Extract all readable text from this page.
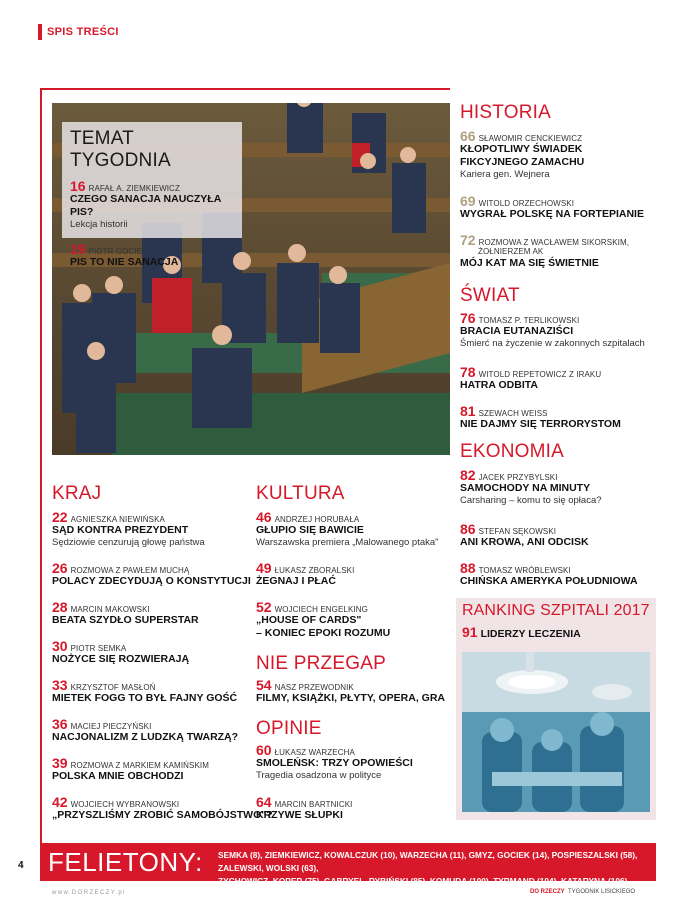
SPIS TREŚCI
TEMAT TYGODNIA
16 RAFAŁ A. ZIEMKIEWICZ
CZEGO SANACJA NAUCZYŁA PIS?
Lekcja historii
19 PIOTR GOCIEK
PIS TO NIE SANACJA
KRAJ
22 AGNIESZKA NIEWIŃSKA
SĄD KONTRA PREZYDENT
Sędziowie cenzurują głowę państwa
26 ROZMOWA Z PAWŁEM MUCHĄ
POLACY ZDECYDUJĄ O KONSTYTUCJI
28 MARCIN MAKOWSKI
BEATA SZYDŁO SUPERSTAR
30 PIOTR SEMKA
NOŻYCE SIĘ ROZWIERAJĄ
33 KRZYSZTOF MASŁOŃ
MIETEK FOGG TO BYŁ FAJNY GOŚĆ
36 MACIEJ PIECZYŃSKI
NACJONALIZM Z LUDZKĄ TWARZĄ?
39 ROZMOWA Z MARKIEM KAMIŃSKIM
POLSKA MNIE OBCHODZI
42 WOJCIECH WYBRANOWSKI
„PRZYSZLIŚMY ZROBIĆ SAMOBÓJSTWO"?
KULTURA
46 ANDRZEJ HORUBAŁA
GŁUPIO SIĘ BAWICIE
Warszawska premiera „Malowanego ptaka"
49 ŁUKASZ ZBORALSKI
ŻEGNAJ I PŁAĆ
52 WOJCIECH ENGELKING
„HOUSE OF CARDS"
– KONIEC EPOKI ROZUMU
NIE PRZEGAP
54 NASZ PRZEWODNIK
FILMY, KSIĄŻKI, PŁYTY, OPERA, GRA
OPINIE
60 ŁUKASZ WARZECHA
SMOLEŃSK: TRZY OPOWIEŚCI
Tragedia osadzona w polityce
64 MARCIN BARTNICKI
KRZYWE SŁUPKI
HISTORIA
66 SŁAWOMIR CENCKIEWICZ
KŁOPOTLIWY ŚWIADEK
FIKCYJNEGO ZAMACHU
Kariera gen. Wejnera
69 WITOLD ORZECHOWSKI
WYGRAŁ POLSKĘ NA FORTEPIANIE
72 ROZMOWA Z WACŁAWEM SIKORSKIM,
ŻOŁNIERZEM AK
MÓJ KAT MA SIĘ ŚWIETNIE
ŚWIAT
76 TOMASZ P. TERLIKOWSKI
BRACIA EUTANAZIŚCI
Śmierć na życzenie w zakonnych szpitalach
78 WITOLD REPETOWICZ Z IRAKU
HATRA ODBITA
81 SZEWACH WEISS
NIE DAJMY SIĘ TERRORYSTOM
EKONOMIA
82 JACEK PRZYBYLSKI
SAMOCHODY NA MINUTY
Carsharing – komu to się opłaca?
86 STEFAN SĘKOWSKI
ANI KROWA, ANI ODCISK
88 TOMASZ WRÓBLEWSKI
CHIŃSKA AMERYKA POŁUDNIOWA
RANKING SZPITALI 2017
91 LIDERZY LECZENIA
FELIETONY: SEMKA (8), ZIEMKIEWICZ, KOWALCZUK (10), WARZECHA (11), GMYZ, GOCIEK (14), POSPIESZALSKI (58), ZALEWSKI, WOLSKI (63),
ZYCHOWICZ, KOPER (75), GABRYEL, RYBIŃSKI (85), KOMUDA (100), TYRMAND (104), KATARYNA (106), ŁYSIAK (107)
4
www.DORZECZY.pl	DO RZECZY TYGODNIK LISICKIEGO
